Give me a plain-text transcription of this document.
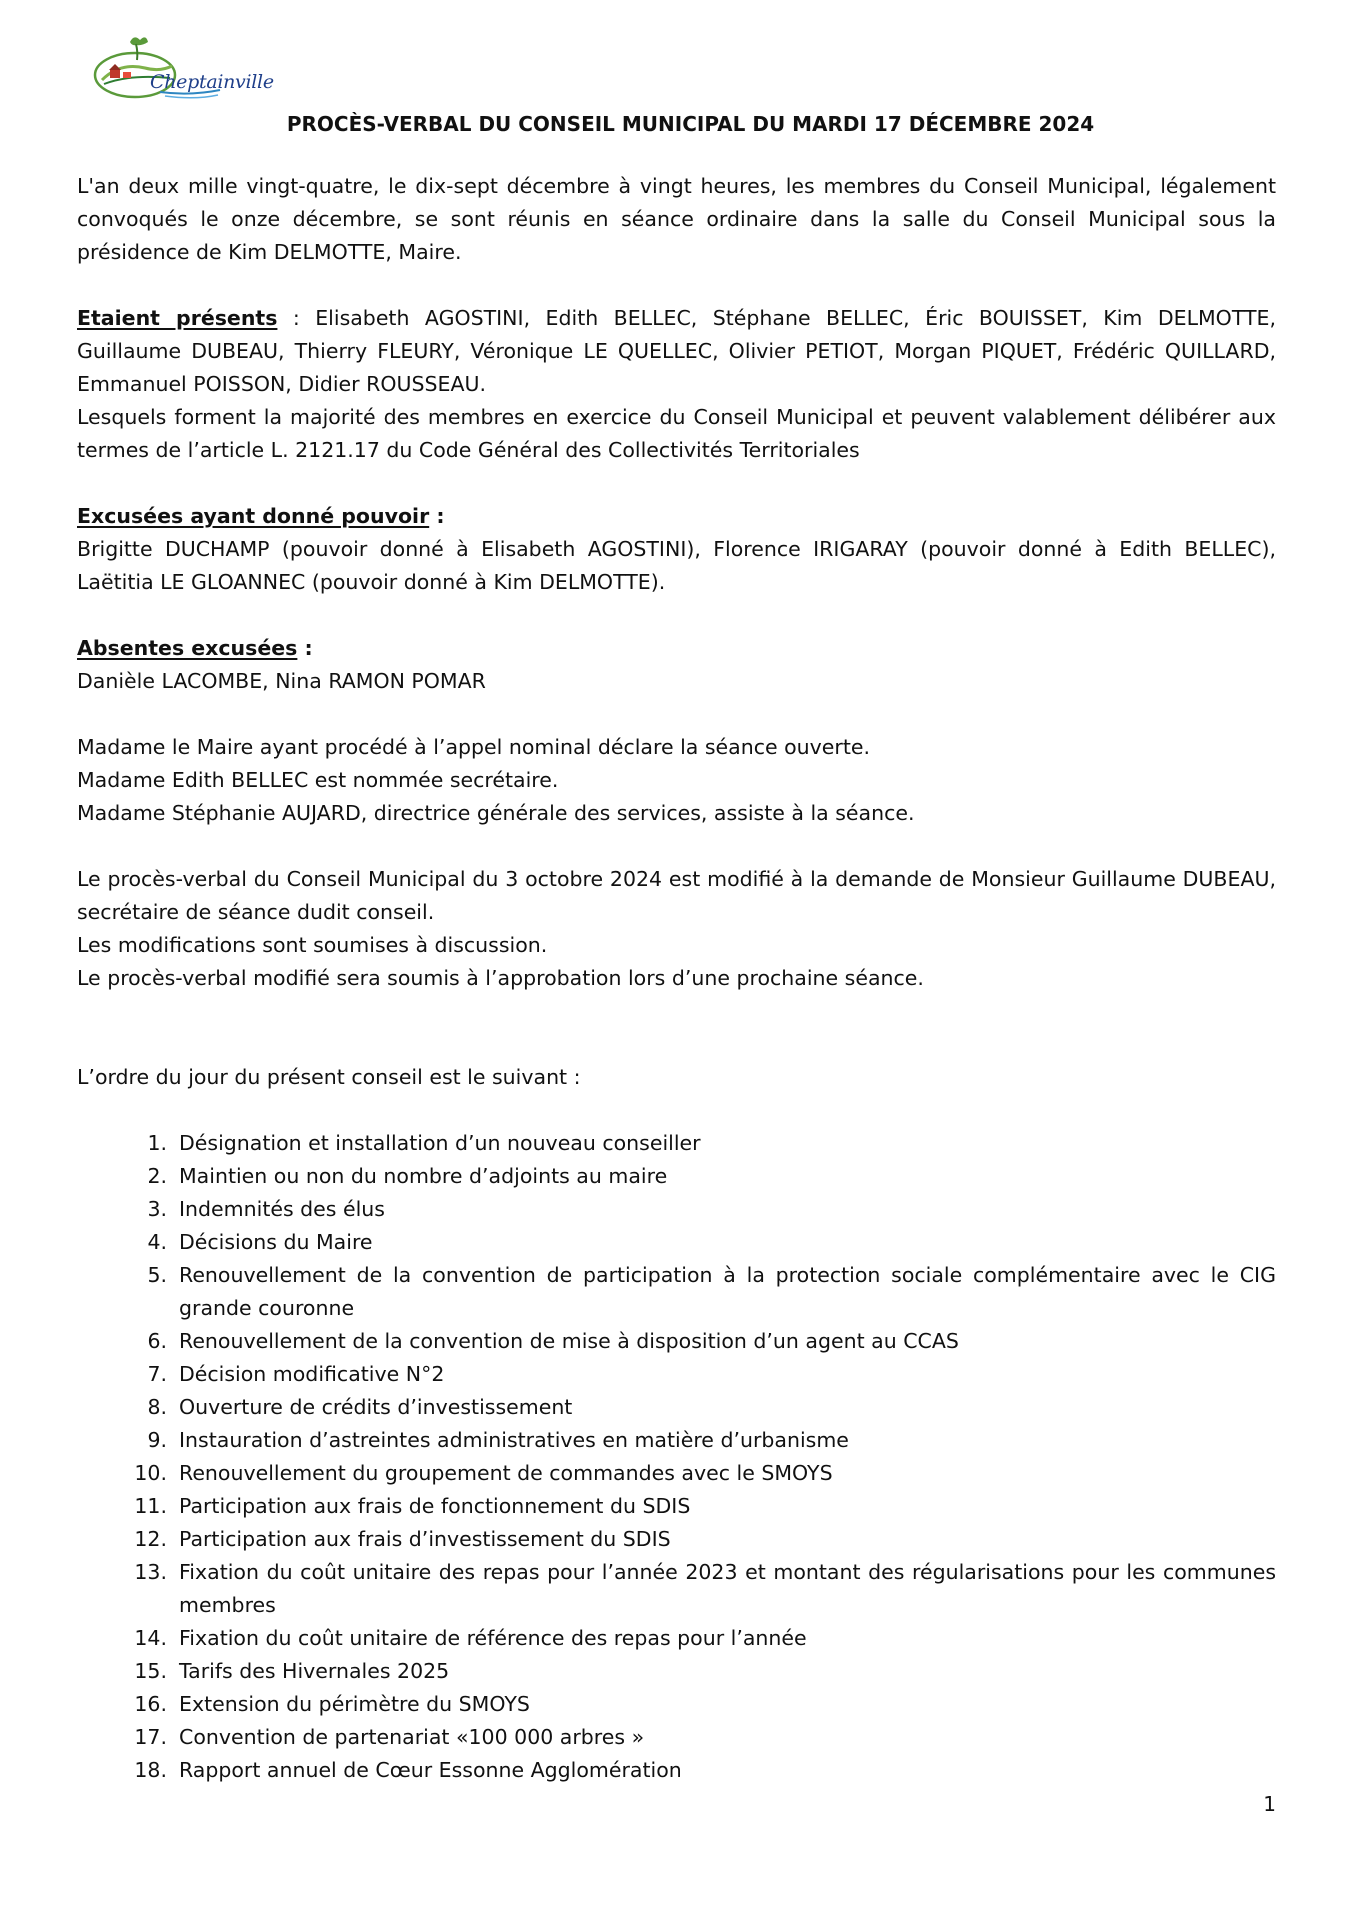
Cheptainville
PROCÈS-VERBAL DU CONSEIL MUNICIPAL DU MARDI 17 DÉCEMBRE 2024

L'an deux mille vingt-quatre, le dix-sept décembre à vingt heures, les membres du Conseil Municipal, légalement convoqués le onze décembre, se sont réunis en séance ordinaire dans la salle du Conseil Municipal sous la présidence de Kim DELMOTTE, Maire.

Etaient présents : Elisabeth AGOSTINI, Edith BELLEC, Stéphane BELLEC, Éric BOUISSET, Kim DELMOTTE, Guillaume DUBEAU, Thierry FLEURY, Véronique LE QUELLEC, Olivier PETIOT, Morgan PIQUET, Frédéric QUILLARD, Emmanuel POISSON, Didier ROUSSEAU.

Lesquels forment la majorité des membres en exercice du Conseil Municipal et peuvent valablement délibérer aux termes de l’article L. 2121.17 du Code Général des Collectivités Territoriales

Excusées ayant donné pouvoir :

Brigitte DUCHAMP (pouvoir donné à Elisabeth AGOSTINI), Florence IRIGARAY (pouvoir donné à Edith BELLEC), Laëtitia LE GLOANNEC (pouvoir donné à Kim DELMOTTE).

Absentes excusées :

Danièle LACOMBE, Nina RAMON POMAR

Madame le Maire ayant procédé à l’appel nominal déclare la séance ouverte.

Madame Edith BELLEC est nommée secrétaire.

Madame Stéphanie AUJARD, directrice générale des services, assiste à la séance.

Le procès-verbal du Conseil Municipal du 3 octobre 2024 est modifié à la demande de Monsieur Guillaume DUBEAU, secrétaire de séance dudit conseil.

Les modifications sont soumises à discussion.

Le procès-verbal modifié sera soumis à l’approbation lors d’une prochaine séance.

L’ordre du jour du présent conseil est le suivant :

1. Désignation et installation d’un nouveau conseiller
2. Maintien ou non du nombre d’adjoints au maire
3. Indemnités des élus
4. Décisions du Maire
5. Renouvellement de la convention de participation à la protection sociale complémentaire avec le CIG grande couronne
6. Renouvellement de la convention de mise à disposition d’un agent au CCAS
7. Décision modificative N°2
8. Ouverture de crédits d’investissement
9. Instauration d’astreintes administratives en matière d’urbanisme
10. Renouvellement du groupement de commandes avec le SMOYS
11. Participation aux frais de fonctionnement du SDIS
12. Participation aux frais d’investissement du SDIS
13. Fixation du coût unitaire des repas pour l’année 2023 et montant des régularisations pour les communes membres
14. Fixation du coût unitaire de référence des repas pour l’année
15. Tarifs des Hivernales 2025
16. Extension du périmètre du SMOYS
17. Convention de partenariat «100 000 arbres »
18. Rapport annuel de Cœur Essonne Agglomération
1
